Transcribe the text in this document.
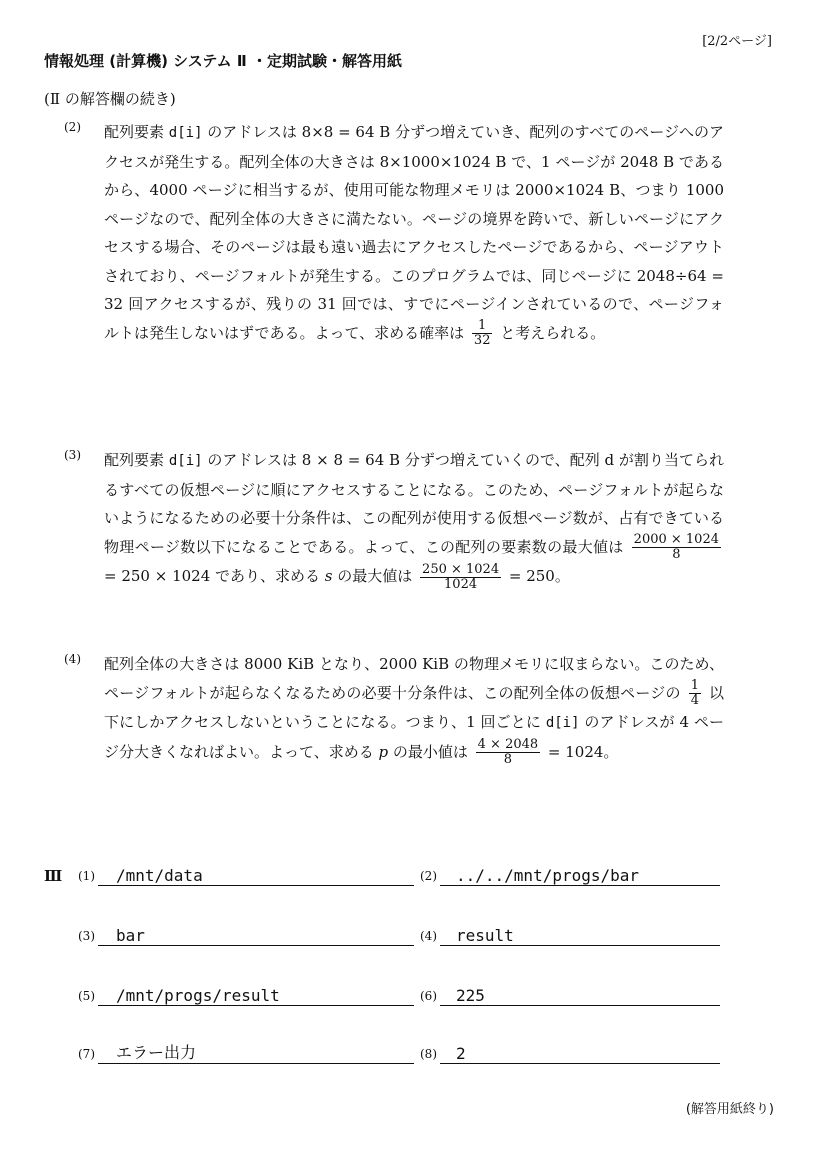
[2/2ページ]
情報処理 (計算機) システム Ⅱ ・定期試験・解答用紙
(Ⅱ の解答欄の続き)
(2) 配列要素 d[i] のアドレスは 8×8 = 64 B 分ずつ増えていき、配列のすべてのページへのアクセスが発生する。配列全体の大きさは 8×1000×1024 B で、1 ページが 2048 B であるから、4000 ページに相当するが、使用可能な物理メモリは 2000×1024 B、つまり 1000 ページなので、配列全体の大きさに満たない。ページの境界を跨いで、新しいページにアクセスする場合、そのページは最も遠い過去にアクセスしたページであるから、ページアウトされており、ページフォルトが発生する。このプログラムでは、同じページに 2048÷64 = 32 回アクセスするが、残りの 31 回では、すでにページインされているので、ページフォルトは発生しないはずである。よって、求める確率は $\frac{1}{32}$ と考えられる。
(3) 配列要素 d[i] のアドレスは 8 × 8 = 64 B 分ずつ増えていくので、配列 d が割り当てられるすべての仮想ページに順にアクセスすることになる。このため、ページフォルトが起らないようになるための必要十分条件は、この配列が使用する仮想ページ数が、占有できている物理ページ数以下になることである。よって、この配列の要素数の最大値は $\frac{2000 \times 1024}{8}$
= 250 × 1024 であり、求める s の最大値は $\frac{250 \times 1024}{1024} = 250$。
(4) 配列全体の大きさは 8000 KiB となり、2000 KiB の物理メモリに収まらない。このため、ページフォルトが起らなくなるための必要十分条件は、この配列全体の仮想ページの $\frac{1}{4}$ 以下にしかアクセスしないということになる。つまり、1 回ごとに d[i] のアドレスが 4 ページ分大きくなればよい。よって、求める p の最小値は $\frac{4 \times 2048}{8} = 1024$。
Ⅲ (1) /mnt/data	(2) ../../mnt/progs/bar
(3) bar	(4) result
(5) /mnt/progs/result	(6) 225
(7) エラー出力	(8) 2
(解答用紙終り)
